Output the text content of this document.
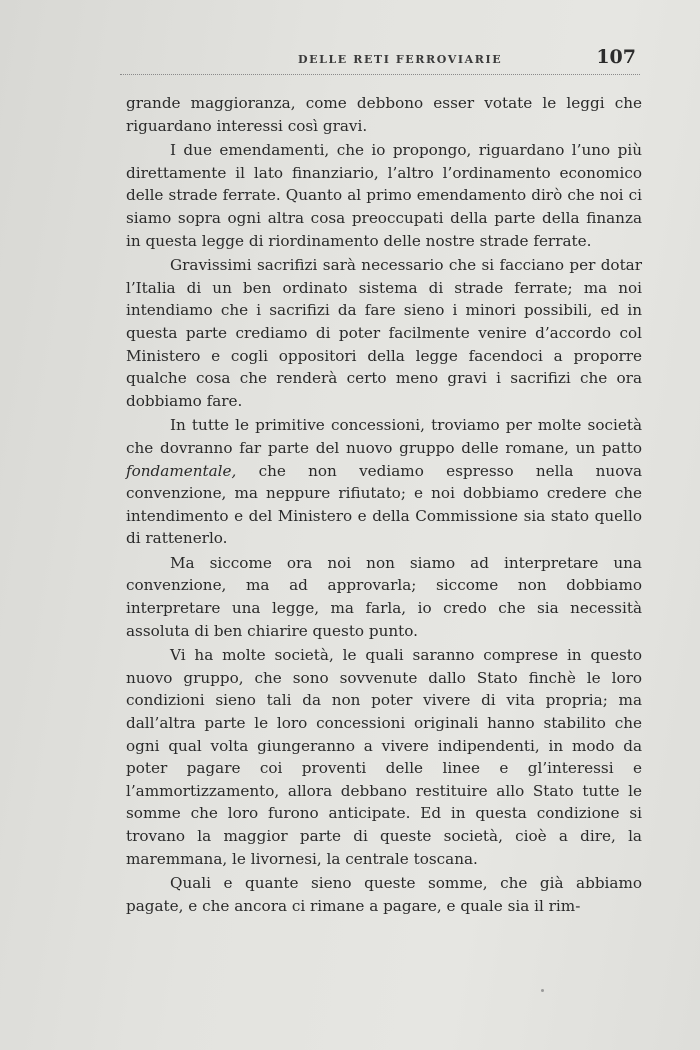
DELLE RETI FERROVIARIE	107

grande maggioranza, come debbono esser votate le leggi che riguardano interessi così gravi.

I due emendamenti, che io propongo, riguardano l’uno più direttamente il lato finanziario, l’altro l’ordinamento economico delle strade ferrate. Quanto al primo emendamento dirò che noi ci siamo sopra ogni altra cosa preoccupati della parte della finanza in questa legge di riordinamento delle nostre strade ferrate.

Gravissimi sacrifizi sarà necessario che si facciano per dotar l’Italia di un ben ordinato sistema di strade ferrate; ma noi intendiamo che i sacrifizi da fare sieno i minori possibili, ed in questa parte crediamo di poter facilmente venire d’accordo col Ministero e cogli oppositori della legge facendoci a proporre qualche cosa che renderà certo meno gravi i sacrifizi che ora dobbiamo fare.

In tutte le primitive concessioni, troviamo per molte società che dovranno far parte del nuovo gruppo delle romane, un patto fondamentale, che non vediamo espresso nella nuova convenzione, ma neppure rifiutato; e noi dobbiamo credere che intendimento e del Ministero e della Commissione sia stato quello di rattenerlo.

Ma siccome ora noi non siamo ad interpretare una convenzione, ma ad approvarla; siccome non dobbiamo interpretare una legge, ma farla, io credo che sia necessità assoluta di ben chiarire questo punto.

Vi ha molte società, le quali saranno comprese in questo nuovo gruppo, che sono sovvenute dallo Stato finchè le loro condizioni sieno tali da non poter vivere di vita propria; ma dall’altra parte le loro concessioni originali hanno stabilito che ogni qual volta giungeranno a vivere indipendenti, in modo da poter pagare coi proventi delle linee e gl’interessi e l’ammortizzamento, allora debbano restituire allo Stato tutte le somme che loro furono anticipate. Ed in questa condizione si trovano la maggior parte di queste società, cioè a dire, la maremmana, le livornesi, la centrale toscana.

Quali e quante sieno queste somme, che già abbiamo pagate, e che ancora ci rimane a pagare, e quale sia il rim-
